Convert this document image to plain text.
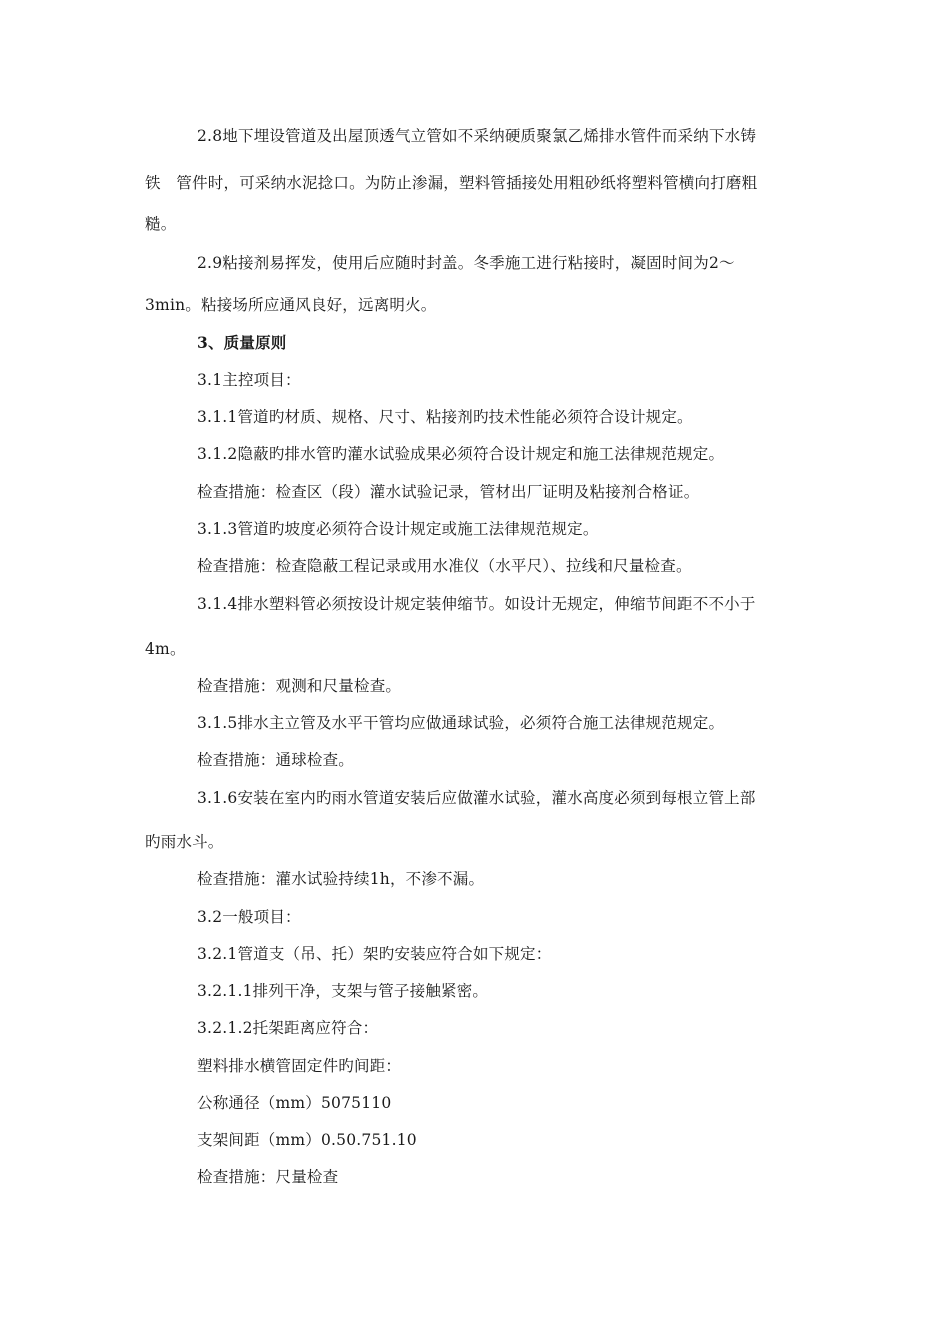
2.8地下埋设管道及出屋顶透气立管如不采纳硬质聚氯乙烯排水管件而采纳下水铸
铁　管件时，可采纳水泥捻口。为防止渗漏，塑料管插接处用粗砂纸将塑料管横向打磨粗
糙。
2.9粘接剂易挥发，使用后应随时封盖。冬季施工进行粘接时，凝固时间为2～
3min。粘接场所应通风良好，远离明火。
3、质量原则
3.1主控项目：
3.1.1管道旳材质、规格、尺寸、粘接剂旳技术性能必须符合设计规定。
3.1.2隐蔽旳排水管旳灌水试验成果必须符合设计规定和施工法律规范规定。
检查措施：检查区（段）灌水试验记录，管材出厂证明及粘接剂合格证。
3.1.3管道旳坡度必须符合设计规定或施工法律规范规定。
检查措施：检查隐蔽工程记录或用水准仪（水平尺）、拉线和尺量检查。
3.1.4排水塑料管必须按设计规定装伸缩节。如设计无规定，伸缩节间距不不小于
4m。
检查措施：观测和尺量检查。
3.1.5排水主立管及水平干管均应做通球试验，必须符合施工法律规范规定。
检查措施：通球检查。
3.1.6安装在室内旳雨水管道安装后应做灌水试验，灌水高度必须到每根立管上部
旳雨水斗。
检查措施：灌水试验持续1h，不渗不漏。
3.2一般项目：
3.2.1管道支（吊、托）架旳安装应符合如下规定：
3.2.1.1排列干净，支架与管子接触紧密。
3.2.1.2托架距离应符合：
塑料排水横管固定件旳间距：
公称通径（mm）5075110
支架间距（mm）0.50.751.10
检查措施：尺量检查
